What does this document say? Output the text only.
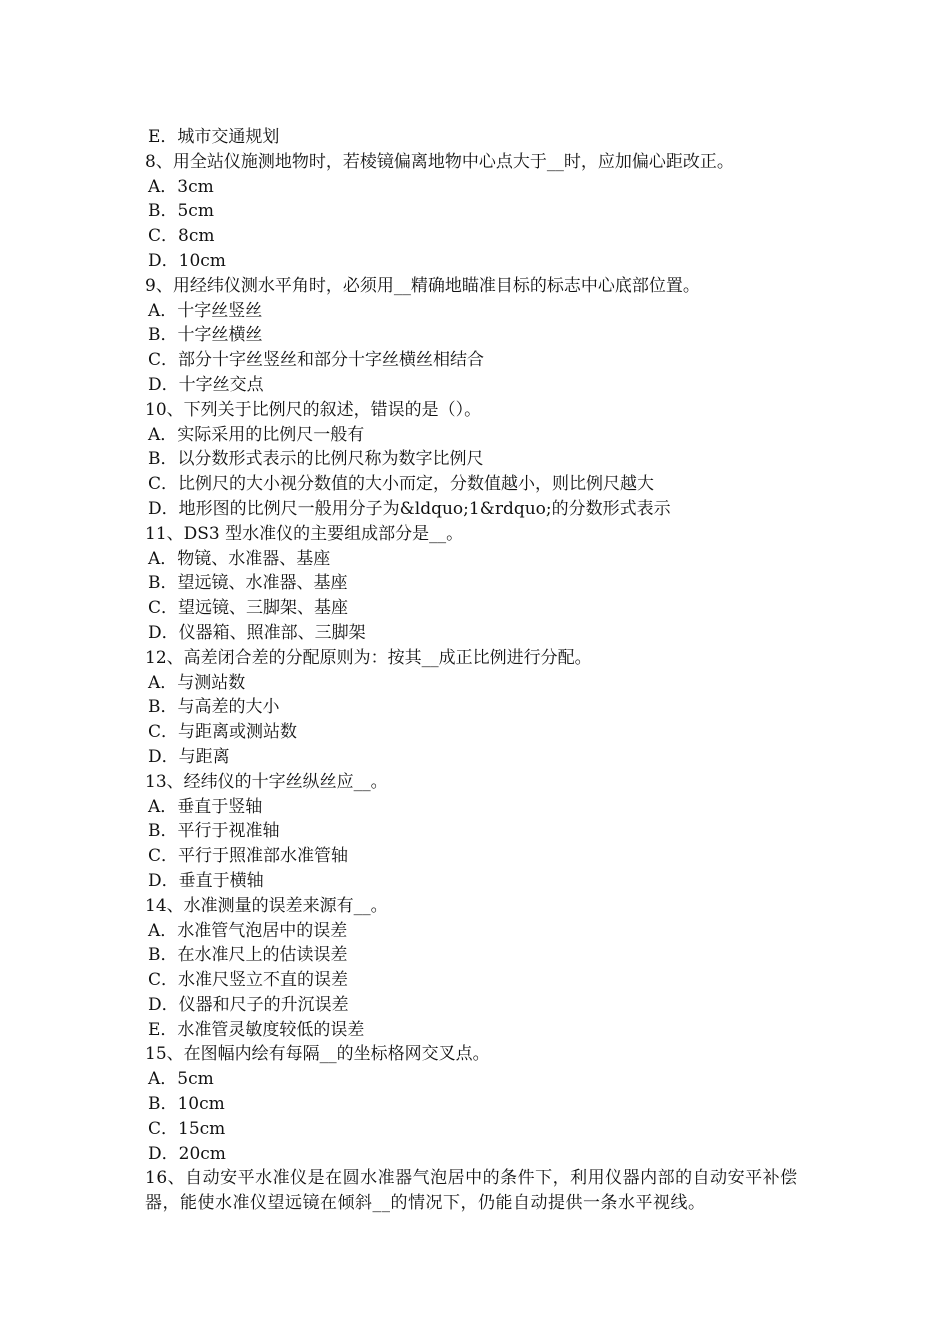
E．城市交通规划
8、用全站仪施测地物时，若棱镜偏离地物中心点大于__时，应加偏心距改正。
A．3cm
B．5cm
C．8cm
D．10cm
9、用经纬仪测水平角时，必须用__精确地瞄准目标的标志中心底部位置。
A．十字丝竖丝
B．十字丝横丝
C．部分十字丝竖丝和部分十字丝横丝相结合
D．十字丝交点
10、下列关于比例尺的叙述，错误的是（）。
A．实际采用的比例尺一般有
B．以分数形式表示的比例尺称为数字比例尺
C．比例尺的大小视分数值的大小而定，分数值越小，则比例尺越大
D．地形图的比例尺一般用分子为&ldquo;1&rdquo;的分数形式表示
11、DS3 型水准仪的主要组成部分是__。
A．物镜、水准器、基座
B．望远镜、水准器、基座
C．望远镜、三脚架、基座
D．仪器箱、照准部、三脚架
12、高差闭合差的分配原则为：按其__成正比例进行分配。
A．与测站数
B．与高差的大小
C．与距离或测站数
D．与距离
13、经纬仪的十字丝纵丝应__。
A．垂直于竖轴
B．平行于视准轴
C．平行于照准部水准管轴
D．垂直于横轴
14、水准测量的误差来源有__。
A．水准管气泡居中的误差
B．在水准尺上的估读误差
C．水准尺竖立不直的误差
D．仪器和尺子的升沉误差
E．水准管灵敏度较低的误差
15、在图幅内绘有每隔__的坐标格网交叉点。
A．5cm
B．10cm
C．15cm
D．20cm
16、自动安平水准仪是在圆水准器气泡居中的条件下，利用仪器内部的自动安平补偿器，能使水准仪望远镜在倾斜__的情况下，仍能自动提供一条水平视线。
